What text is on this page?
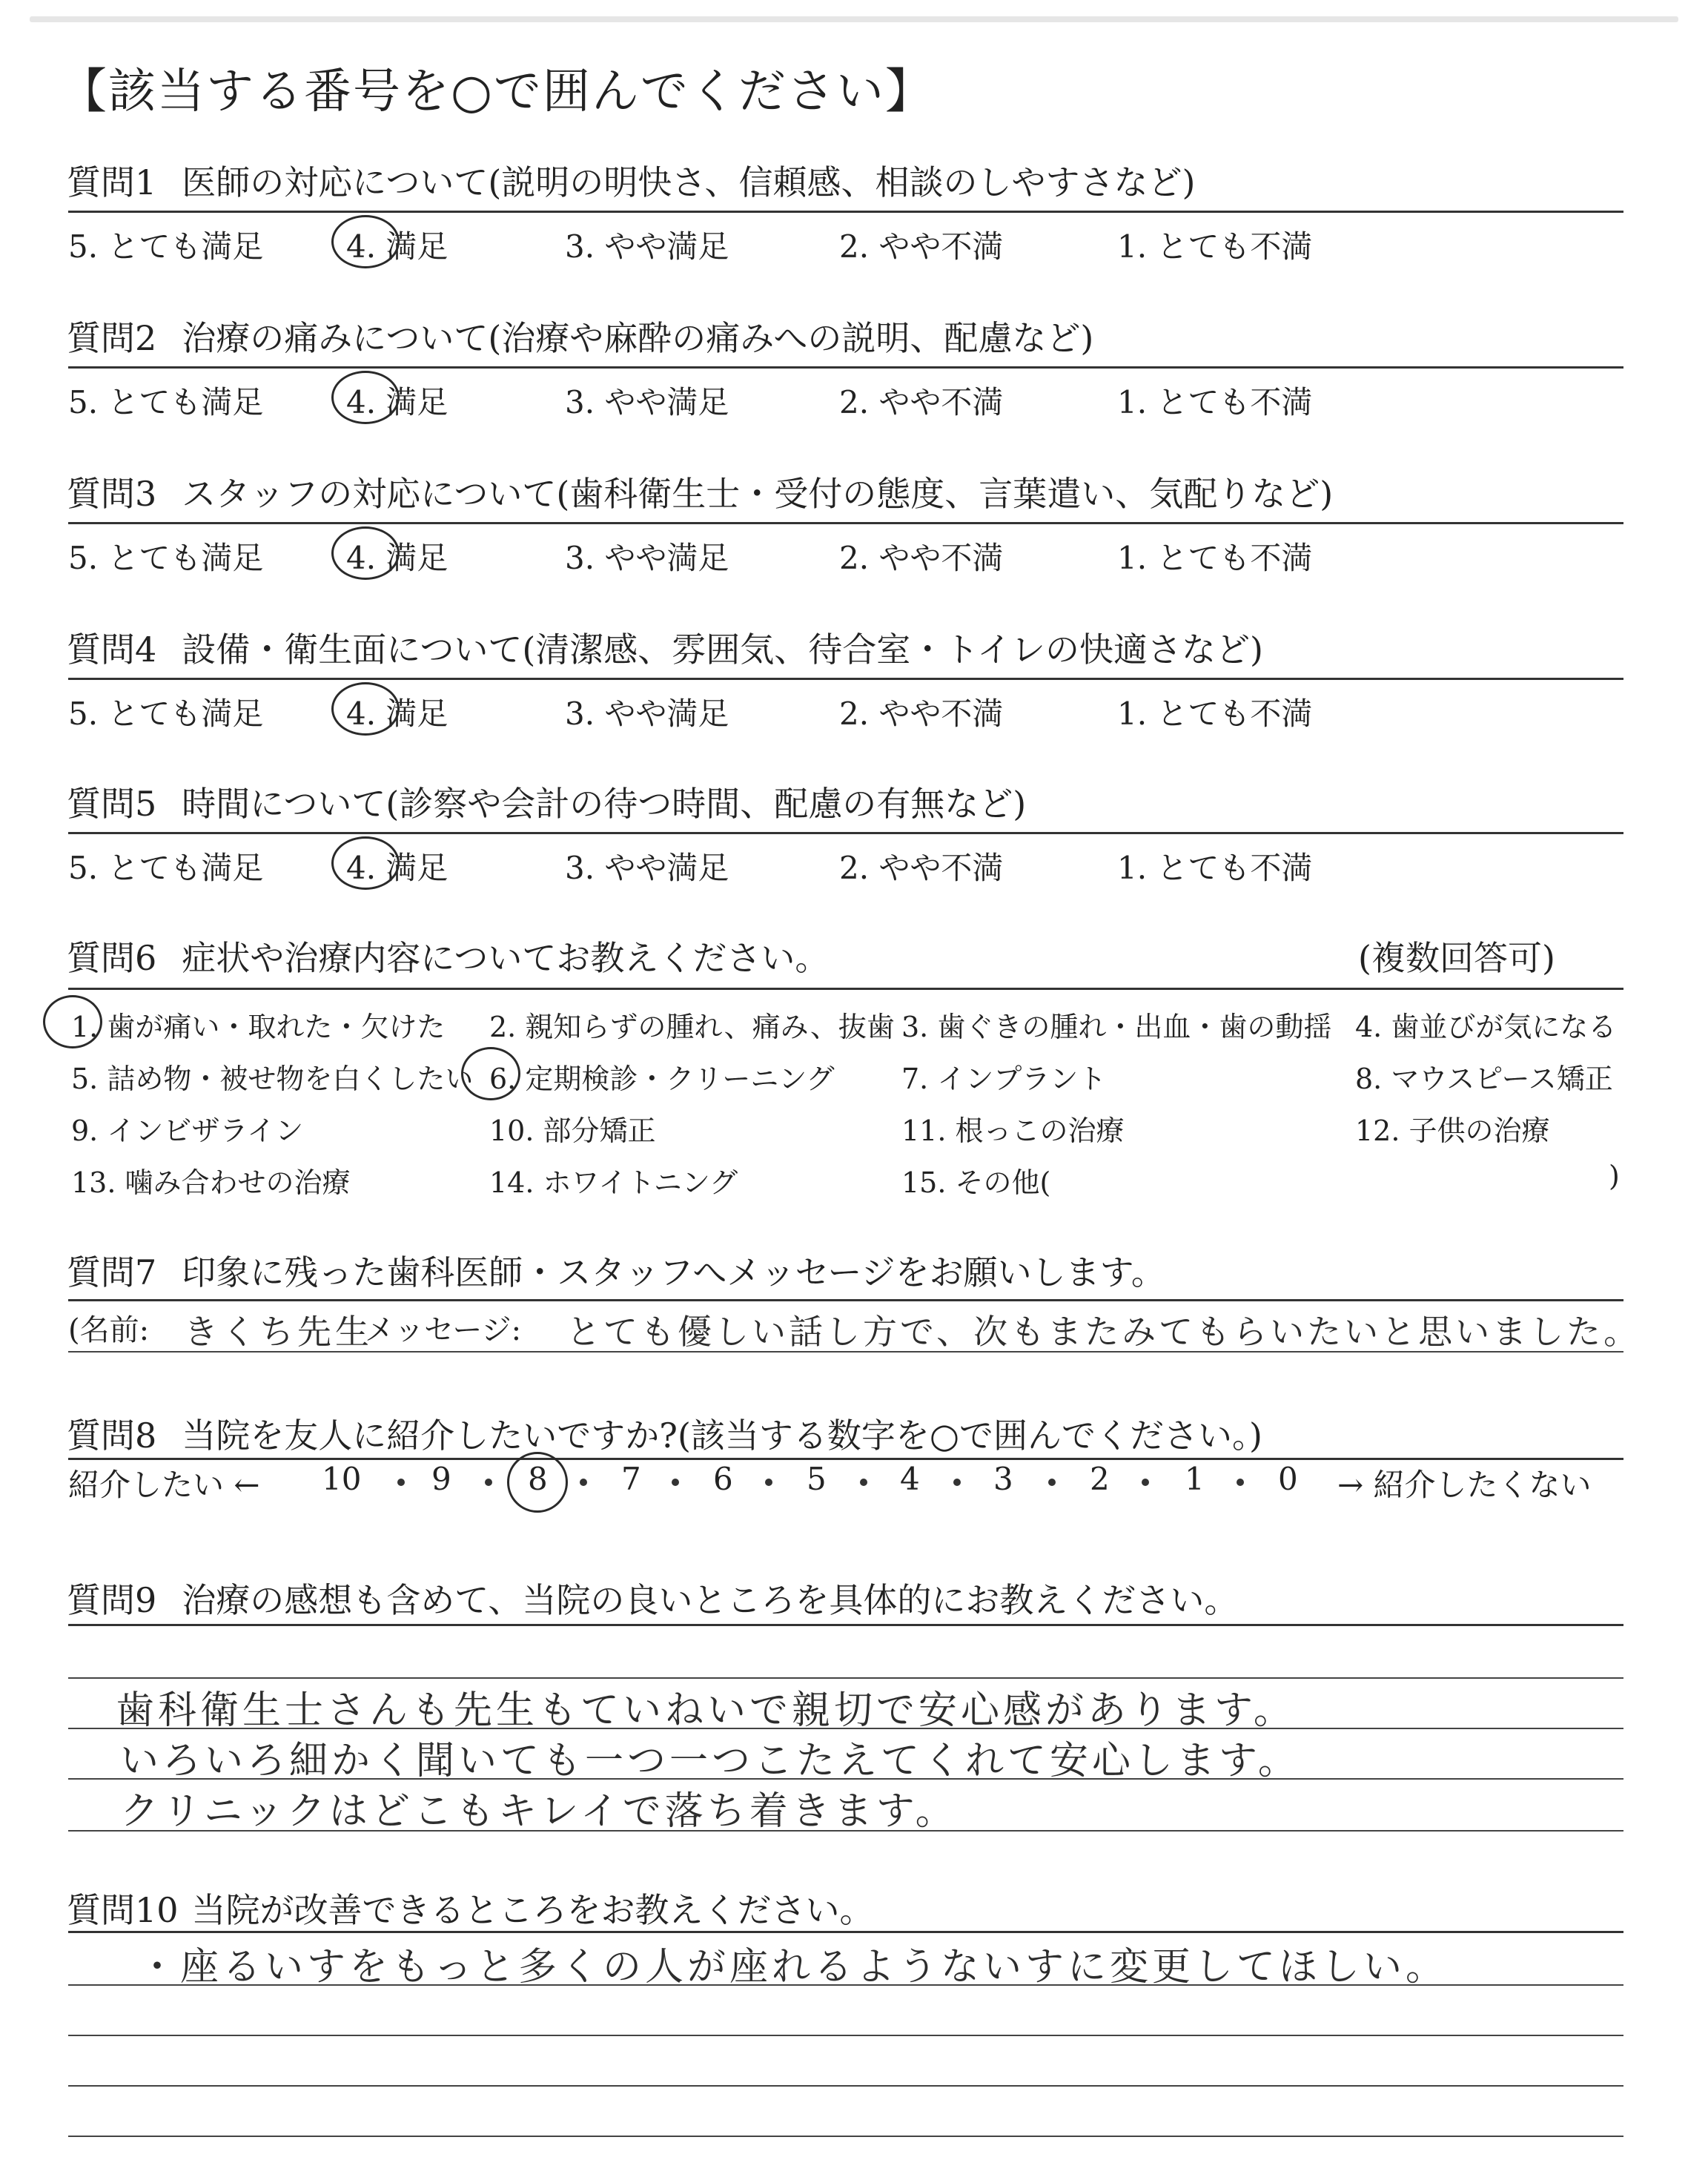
【該当する番号を○で囲んでください】
質問1 医師の対応について(説明の明快さ、信頼感、相談のしやすさなど)
5. とても満足	4. 満足	3. やや満足	2. やや不満	1. とても不満
質問2 治療の痛みについて(治療や麻酔の痛みへの説明、配慮など)
5. とても満足	4. 満足	3. やや満足	2. やや不満	1. とても不満
質問3 スタッフの対応について(歯科衛生士・受付の態度、言葉遣い、気配りなど)
5. とても満足	4. 満足	3. やや満足	2. やや不満	1. とても不満
質問4 設備・衛生面について(清潔感、雰囲気、待合室・トイレの快適さなど)
5. とても満足	4. 満足	3. やや満足	2. やや不満	1. とても不満
質問5 時間について(診察や会計の待つ時間、配慮の有無など)
5. とても満足	4. 満足	3. やや満足	2. やや不満	1. とても不満
質問6 症状や治療内容についてお教えください。	(複数回答可)
1. 歯が痛い・取れた・欠けた 2. 親知らずの腫れ、痛み、抜歯 3. 歯ぐきの腫れ・出血・歯の動揺 4. 歯並びが気になる
5. 詰め物・被せ物を白くしたい 6. 定期検診・クリーニング 7. インプラント	8. マウスピース矯正
9. インビザライン	10. 部分矯正	11. 根っこの治療	12. 子供の治療
13. 噛み合わせの治療	14. ホワイトニング	15. その他(	)
質問7 印象に残った歯科医師・スタッフへメッセージをお願いします。
(名前: きくち先生
メッセージ: とても優しい話し方で、次もまたみてもらいたいと思いました。
質問8 当院を友人に紹介したいですか?(該当する数字を○で囲んでください。)
紹介したい ← 10 9 8 7 6 5 4 3 2 1 0 → 紹介したくない
質問9 治療の感想も含めて、当院の良いところを具体的にお教えください。
歯科衛生士さんも先生もていねいで親切で安心感があります。
いろいろ細かく聞いても一つ一つこたえてくれて安心します。
クリニックはどこもキレイで落ち着きます。
質問10 当院が改善できるところをお教えください。
・座るいすをもっと多くの人が座れるようないすに変更してほしい。
